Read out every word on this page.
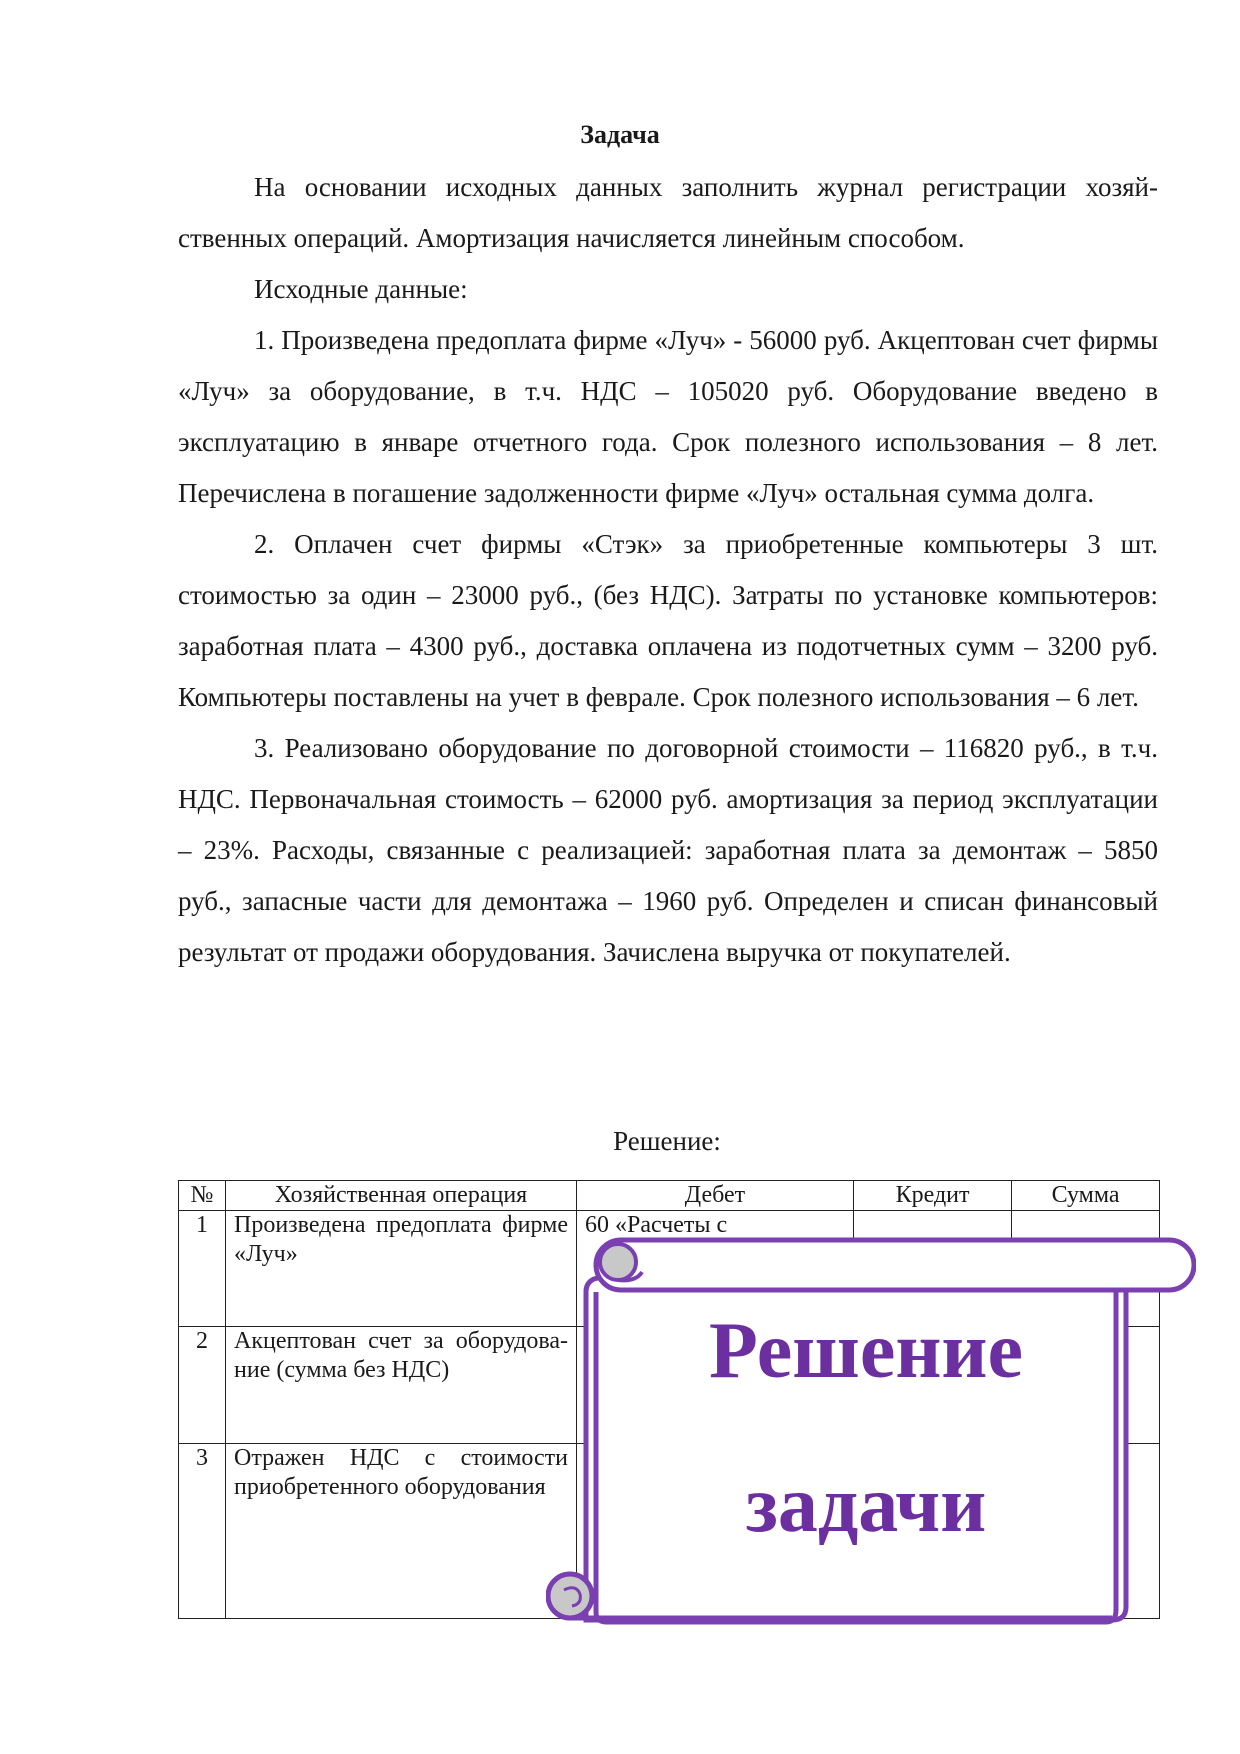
Задача

На основании исходных данных заполнить журнал регистрации хозяйственных операций. Амортизация начисляется линейным способом.

Исходные данные:

1. Произведена предоплата фирме «Луч» - 56000 руб. Акцептован счет фирмы «Луч» за оборудование, в т.ч. НДС – 105020 руб. Оборудование введено в эксплуатацию в январе отчетного года. Срок полезного использования – 8 лет. Перечислена в погашение задолженности фирме «Луч» остальная сумма долга.

2. Оплачен счет фирмы «Стэк» за приобретенные компьютеры 3 шт. стоимостью за один – 23000 руб., (без НДС). Затраты по установке компьютеров: заработная плата – 4300 руб., доставка оплачена из подотчетных сумм – 3200 руб. Компьютеры поставлены на учет в феврале. Срок полезного использования – 6 лет.

3. Реализовано оборудование по договорной стоимости – 116820 руб., в т.ч. НДС. Первоначальная стоимость – 62000 руб. амортизация за период эксплуатации – 23%. Расходы, связанные с реализацией: заработная плата за демонтаж – 5850 руб., запасные части для демонтажа – 1960 руб. Определен и списан финансовый результат от продажи оборудования. Зачислена выручка от покупателей.

Решение:
№	Хозяйственная операция	Дебет	Кредит	Сумма
1	Произведена предоплата фирме «Луч»	60 «Расчеты с		
2	Акцептован счет за оборудование (сумма без НДС)			
3	Отражен НДС с стоимости приобретенного оборудования			
Решение
задачи
